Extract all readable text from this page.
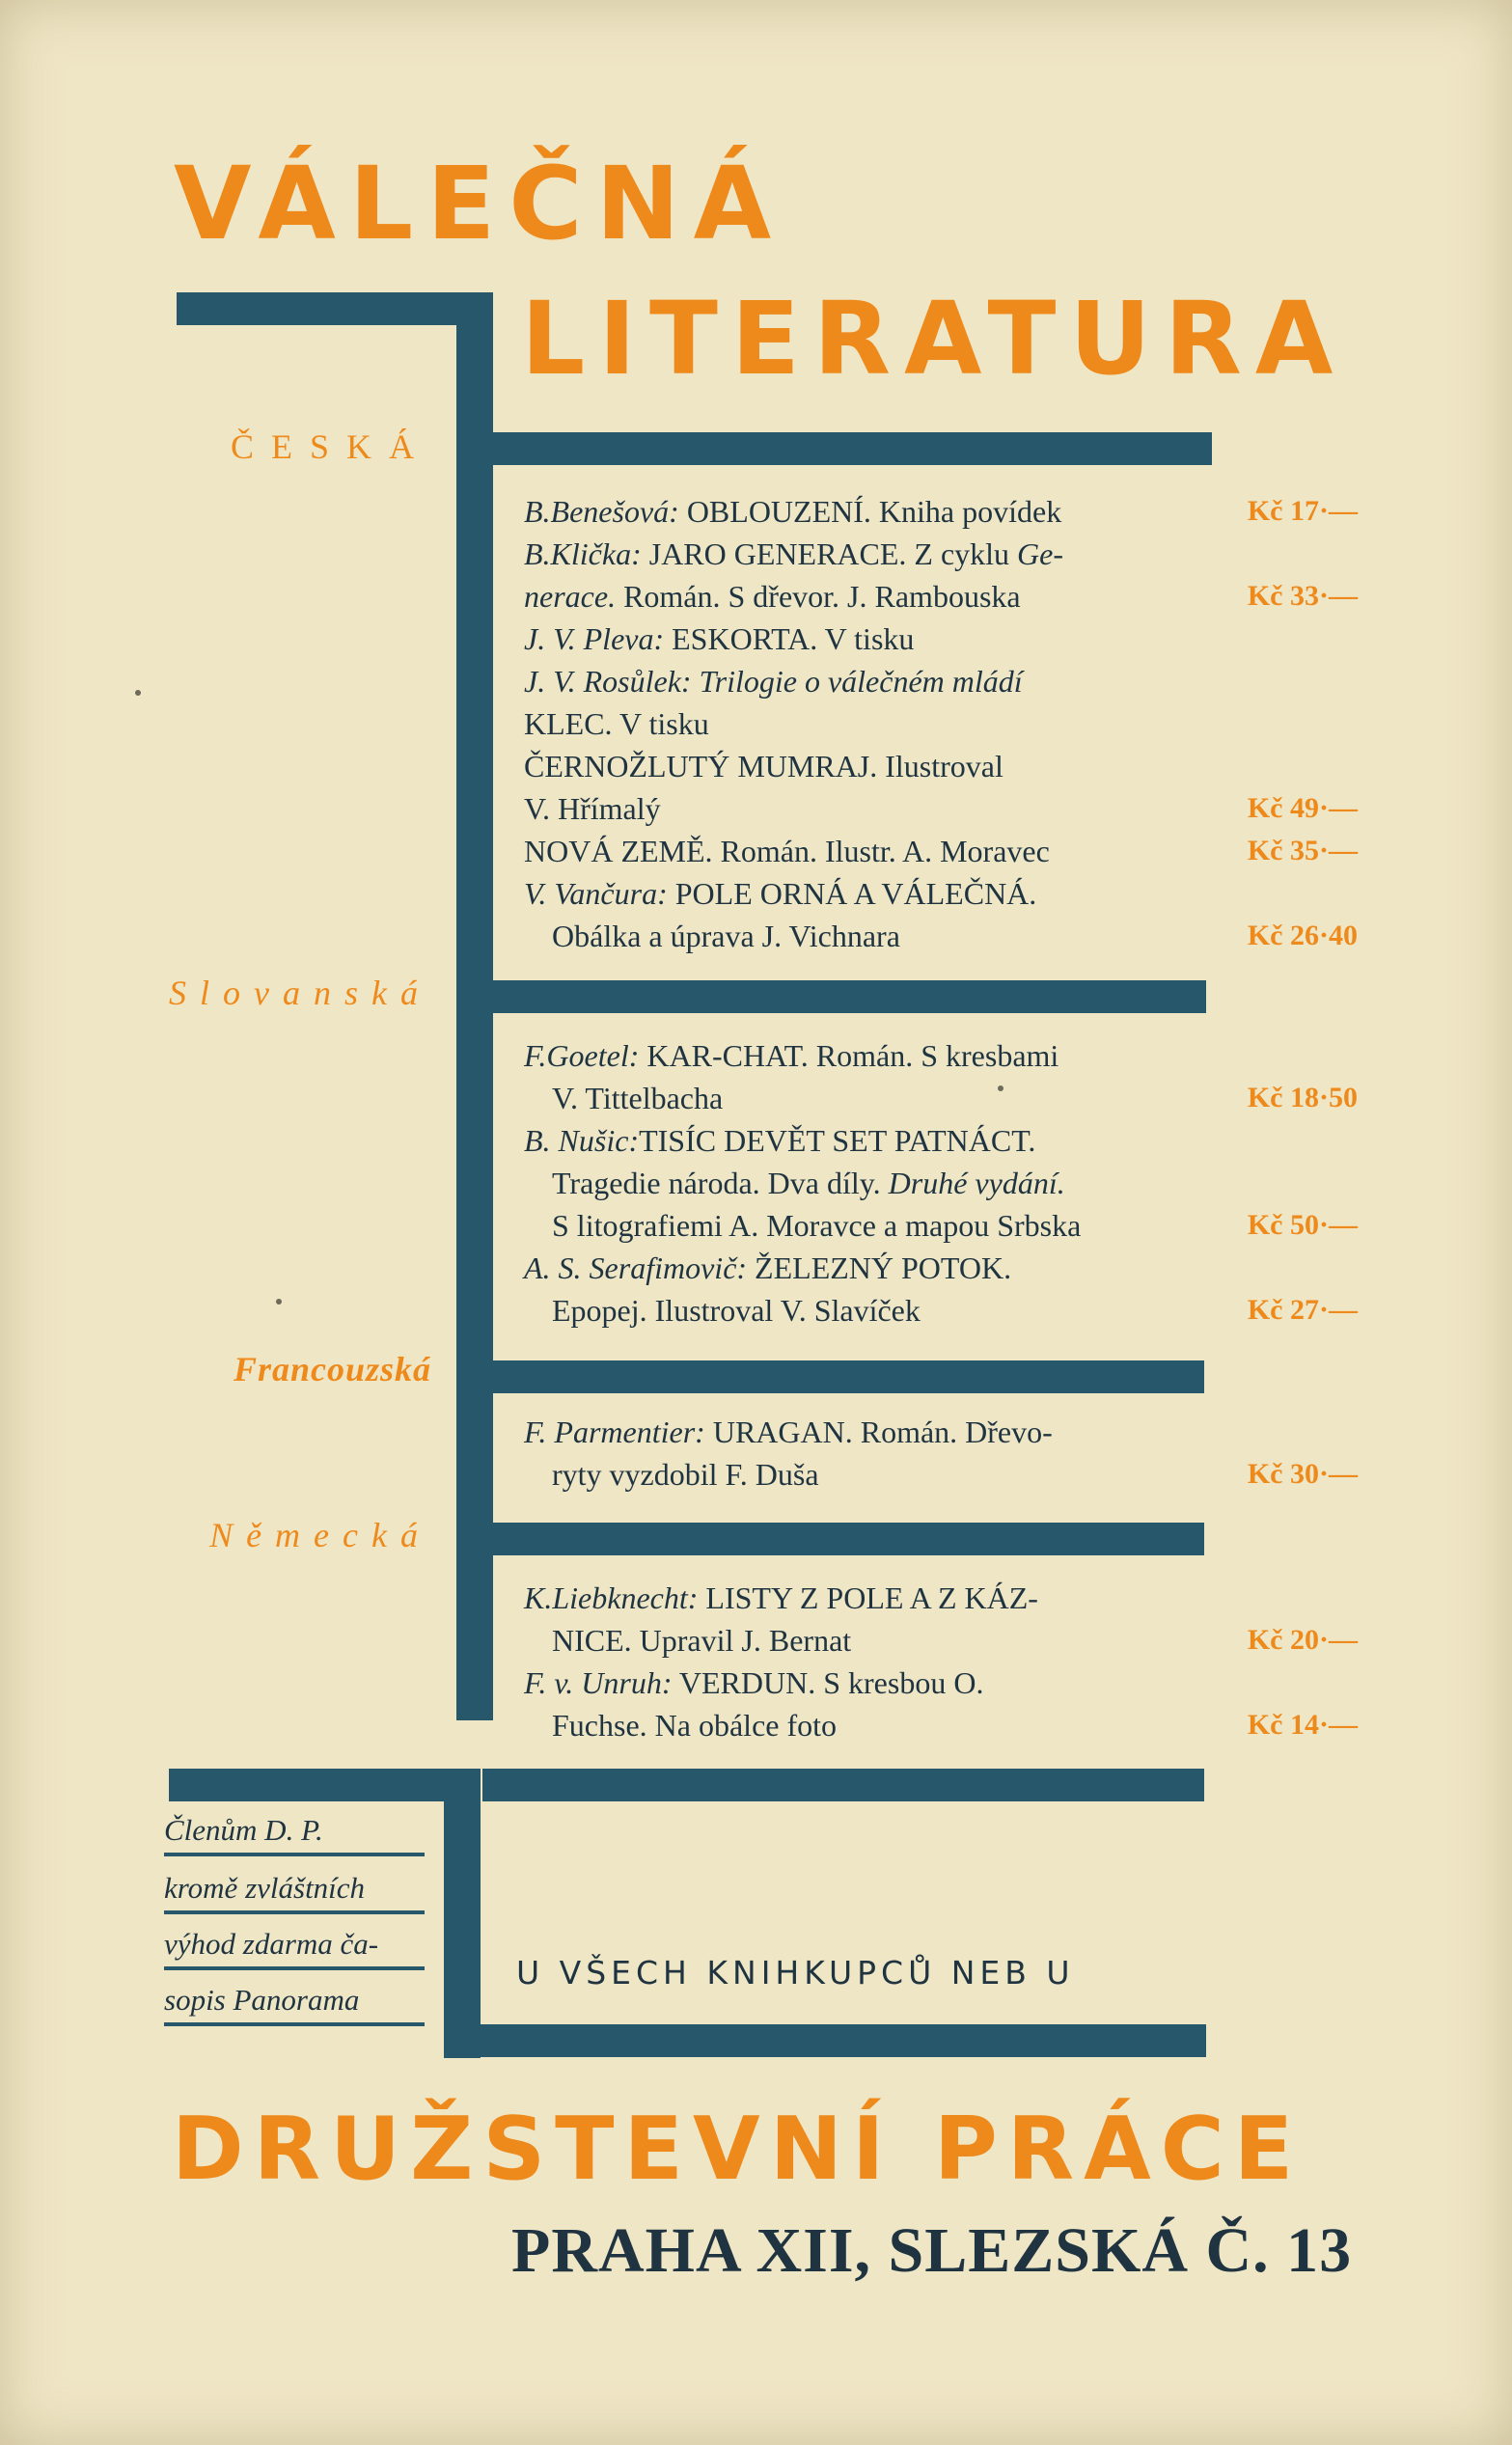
VÁLEČNÁ
LITERATURA
ČESKÁ
Slovanská
Francouzská
Německá
B.Benešová: OBLOUZENÍ. Kniha povídek	Kč 17·—
B.Klička: JARO GENERACE. Z cyklu Ge-
nerace. Román. S dřevor. J. Rambouska	Kč 33·—
J. V. Pleva: ESKORTA. V tisku
J. V. Rosůlek: Trilogie o válečném mládí
KLEC. V tisku
ČERNOŽLUTÝ MUMRAJ. Ilustroval
V. Hřímalý	Kč 49·—
NOVÁ ZEMĚ. Román. Ilustr. A. Moravec	Kč 35·—
V. Vančura: POLE ORNÁ A VÁLEČNÁ.
Obálka a úprava J. Vichnara	Kč 26·40
F.Goetel: KAR-CHAT. Román. S kresbami
V. Tittelbacha	Kč 18·50
B. Nušic:TISÍC DEVĚT SET PATNÁCT.
Tragedie národa. Dva díly. Druhé vydání.
S litografiemi A. Moravce a mapou Srbska	Kč 50·—
A. S. Serafimovič: ŽELEZNÝ POTOK.
Epopej. Ilustroval V. Slavíček	Kč 27·—
F. Parmentier: URAGAN. Román. Dřevo-
ryty vyzdobil F. Duša	Kč 30·—
K.Liebknecht: LISTY Z POLE A Z KÁZ-
NICE. Upravil J. Bernat	Kč 20·—
F. v. Unruh: VERDUN. S kresbou O.
Fuchse. Na obálce foto	Kč 14·—
Členům D. P.
kromě zvláštních
výhod zdarma ča-
sopis Panorama
U VŠECH KNIHKUPCŮ NEB U
DRUŽSTEVNÍ PRÁCE
PRAHA XII, SLEZSKÁ Č. 13
